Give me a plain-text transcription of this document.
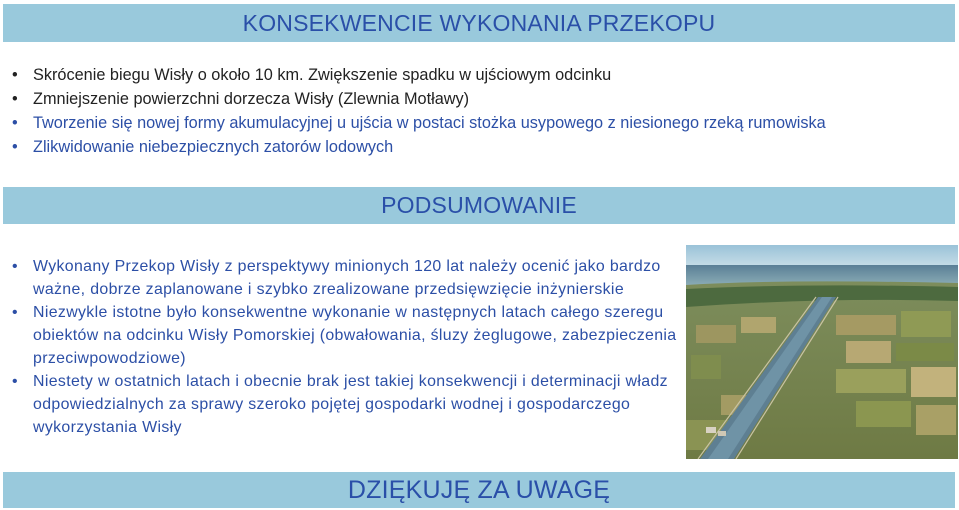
KONSEKWENCIE WYKONANIA PRZEKOPU
• Skrócenie biegu Wisły o około 10 km. Zwiększenie spadku w ujściowym odcinku
• Zmniejszenie powierzchni dorzecza Wisły (Zlewnia Motławy)
• Tworzenie się nowej formy akumulacyjnej u ujścia w postaci stożka usypowego z niesionego rzeką rumowiska
• Zlikwidowanie niebezpiecznych zatorów lodowych
PODSUMOWANIE
• Wykonany Przekop Wisły z perspektywy minionych 120 lat należy ocenić jako bardzo ważne, dobrze zaplanowane i szybko zrealizowane przedsięwzięcie inżynierskie
• Niezwykle istotne było konsekwentne wykonanie w następnych latach całego szeregu obiektów na odcinku Wisły Pomorskiej (obwałowania, śluzy żeglugowe, zabezpieczenia przeciwpowodziowe)
• Niestety w ostatnich latach i obecnie brak jest takiej konsekwencji i determinacji władz odpowiedzialnych za sprawy szeroko pojętej gospodarki wodnej i gospodarczego wykorzystania Wisły
DZIĘKUJĘ ZA UWAGĘ
